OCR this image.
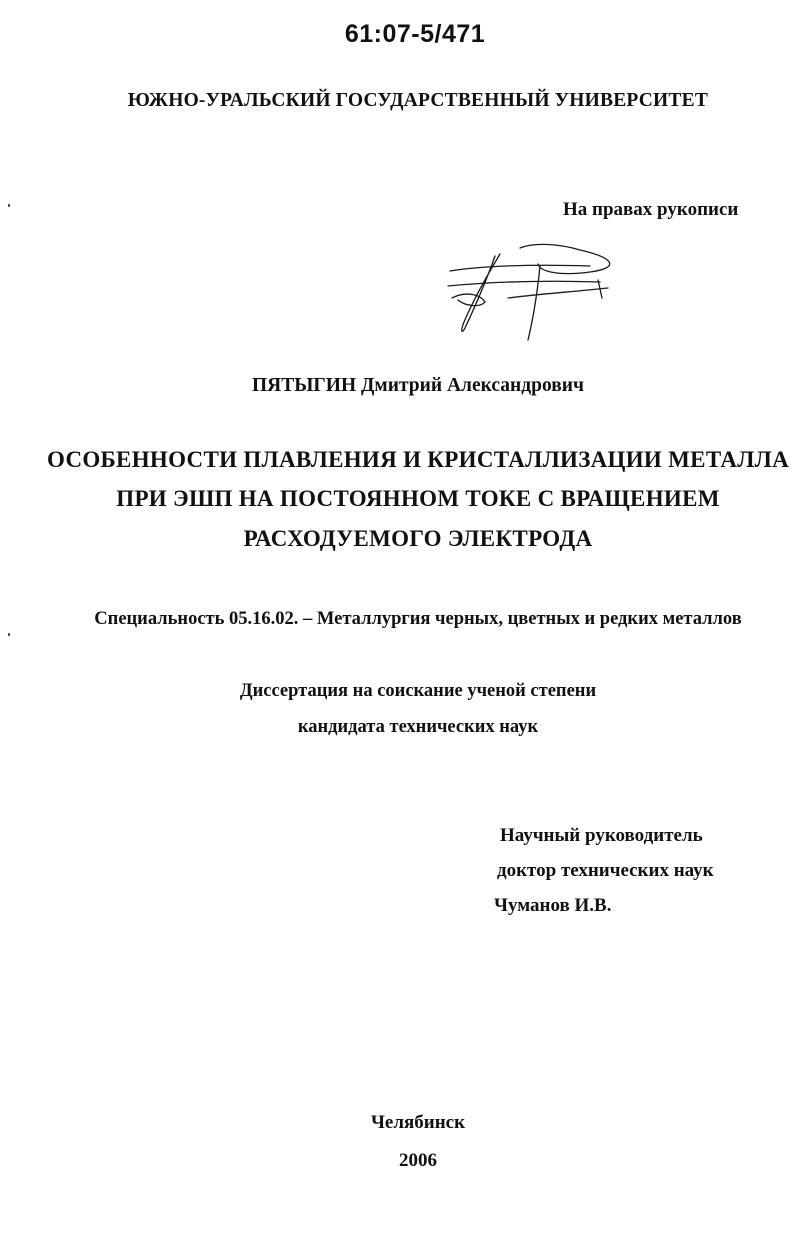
61:07-5/471
ЮЖНО-УРАЛЬСКИЙ ГОСУДАРСТВЕННЫЙ УНИВЕРСИТЕТ
На правах рукописи
ПЯТЫГИН Дмитрий Александрович
ОСОБЕННОСТИ ПЛАВЛЕНИЯ И КРИСТАЛЛИЗАЦИИ МЕТАЛЛА
ПРИ ЭШП НА ПОСТОЯННОМ ТОКЕ С ВРАЩЕНИЕМ
РАСХОДУЕМОГО ЭЛЕКТРОДА
Специальность 05.16.02. – Металлургия черных, цветных и редких металлов
Диссертация на соискание ученой степени
кандидата технических наук
Научный руководитель
доктор технических наук
Чуманов И.В.
Челябинск
2006
